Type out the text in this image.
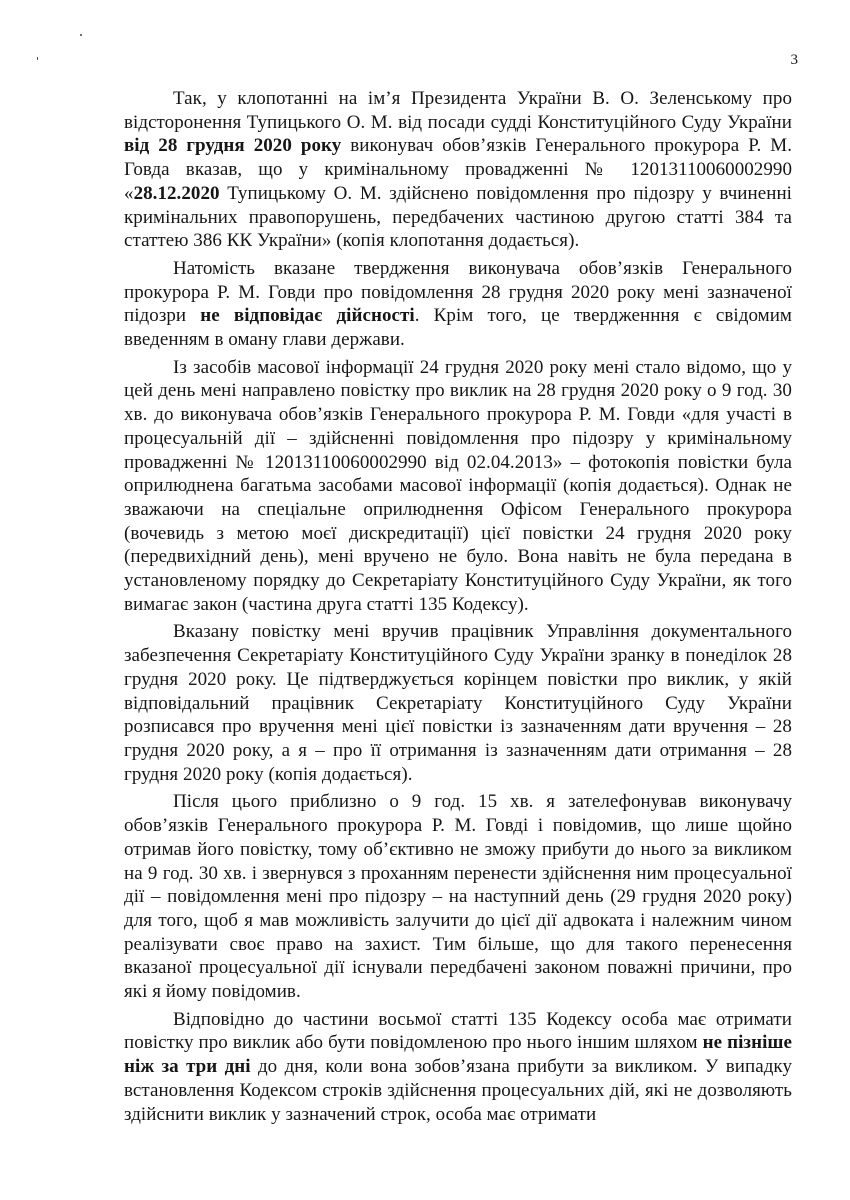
3

Так, у клопотанні на ім’я Президента України В. О. Зеленському про відсторонення Тупицького О. М. від посади судді Конституційного Суду України від 28 грудня 2020 року виконувач обов’язків Генерального прокурора Р. М. Говда вказав, що у кримінальному провадженні № 12013110060002990 «28.12.2020 Тупицькому О. М. здійснено повідомлення про підозру у вчиненні кримінальних правопорушень, передбачених частиною другою статті 384 та статтею 386 КК України» (копія клопотання додається).

Натомість вказане твердження виконувача обов’язків Генерального прокурора Р. М. Говди про повідомлення 28 грудня 2020 року мені зазначеної підозри не відповідає дійсності. Крім того, це твердженння є свідомим введенням в оману глави держави.

Із засобів масової інформації 24 грудня 2020 року мені стало відомо, що у цей день мені направлено повістку про виклик на 28 грудня 2020 року о 9 год. 30 хв. до виконувача обов’язків Генерального прокурора Р. М. Говди «для участі в процесуальній дії – здійсненні повідомлення про підозру у кримінальному провадженні № 12013110060002990 від 02.04.2013» – фотокопія повістки була оприлюднена багатьма засобами масової інформації (копія додається). Однак не зважаючи на спеціальне оприлюднення Офісом Генерального прокурора (вочевидь з метою моєї дискредитації) цієї повістки 24 грудня 2020 року (передвихідний день), мені вручено не було. Вона навіть не була передана в установленому порядку до Секретаріату Конституційного Суду України, як того вимагає закон (частина друга статті 135 Кодексу).

Вказану повістку мені вручив працівник Управління документального забезпечення Секретаріату Конституційного Суду України зранку в понеділок 28 грудня 2020 року. Це підтверджується корінцем повістки про виклик, у якій відповідальний працівник Секретаріату Конституційного Суду України розписався про вручення мені цієї повістки із зазначенням дати вручення – 28 грудня 2020 року, а я – про її отримання із зазначенням дати отримання – 28 грудня 2020 року (копія додається).

Після цього приблизно о 9 год. 15 хв. я зателефонував виконувачу обов’язків Генерального прокурора Р. М. Говді і повідомив, що лише щойно отримав його повістку, тому об’єктивно не зможу прибути до нього за викликом на 9 год. 30 хв. і звернувся з проханням перенести здійснення ним процесуальної дії – повідомлення мені про підозру – на наступний день (29 грудня 2020 року) для того, щоб я мав можливість залучити до цієї дії адвоката і належним чином реалізувати своє право на захист. Тим більше, що для такого перенесення вказаної процесуальної дії існували передбачені законом поважні причини, про які я йому повідомив.

Відповідно до частини восьмої статті 135 Кодексу особа має отримати повістку про виклик або бути повідомленою про нього іншим шляхом не пізніше ніж за три дні до дня, коли вона зобов’язана прибути за викликом. У випадку встановлення Кодексом строків здійснення процесуальних дій, які не дозволяють здійснити виклик у зазначений строк, особа має отримати
